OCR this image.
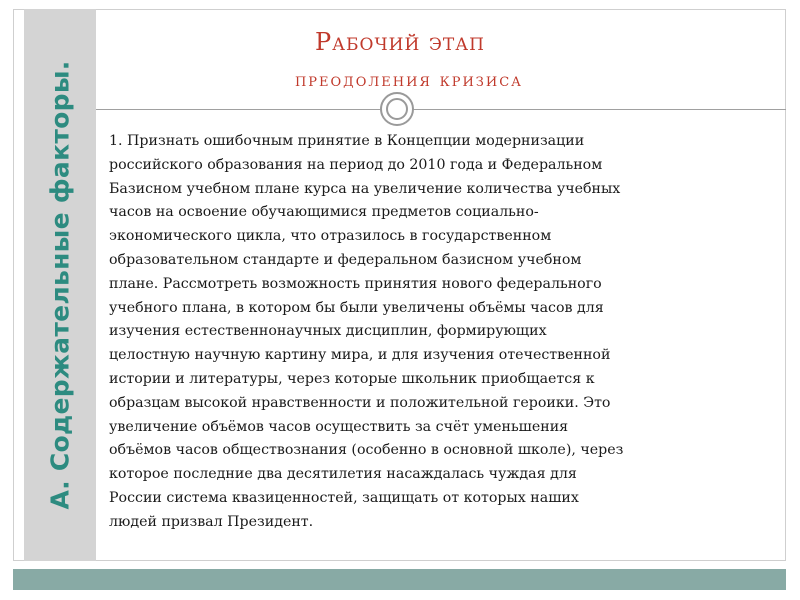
А. Содержательные факторы.
Рабочий этап
преодоления кризиса
1. Признать ошибочным принятие в Концепции модернизации
российского образования на период до 2010 года и Федеральном
Базисном учебном плане курса на увеличение количества учебных
часов на освоение обучающимися предметов социально-
экономического цикла, что отразилось в государственном
образовательном стандарте и федеральном базисном учебном
плане. Рассмотреть возможность принятия нового федерального
учебного плана, в котором бы были увеличены объёмы часов для
изучения естественнонаучных дисциплин, формирующих
целостную научную картину мира, и для изучения отечественной
истории и литературы, через которые школьник приобщается к
образцам высокой нравственности и положительной героики. Это
увеличение объёмов часов осуществить за счёт уменьшения
объёмов часов обществознания (особенно в основной школе), через
которое последние два десятилетия насаждалась чуждая для
России система квазиценностей, защищать от которых наших
людей призвал Президент.
